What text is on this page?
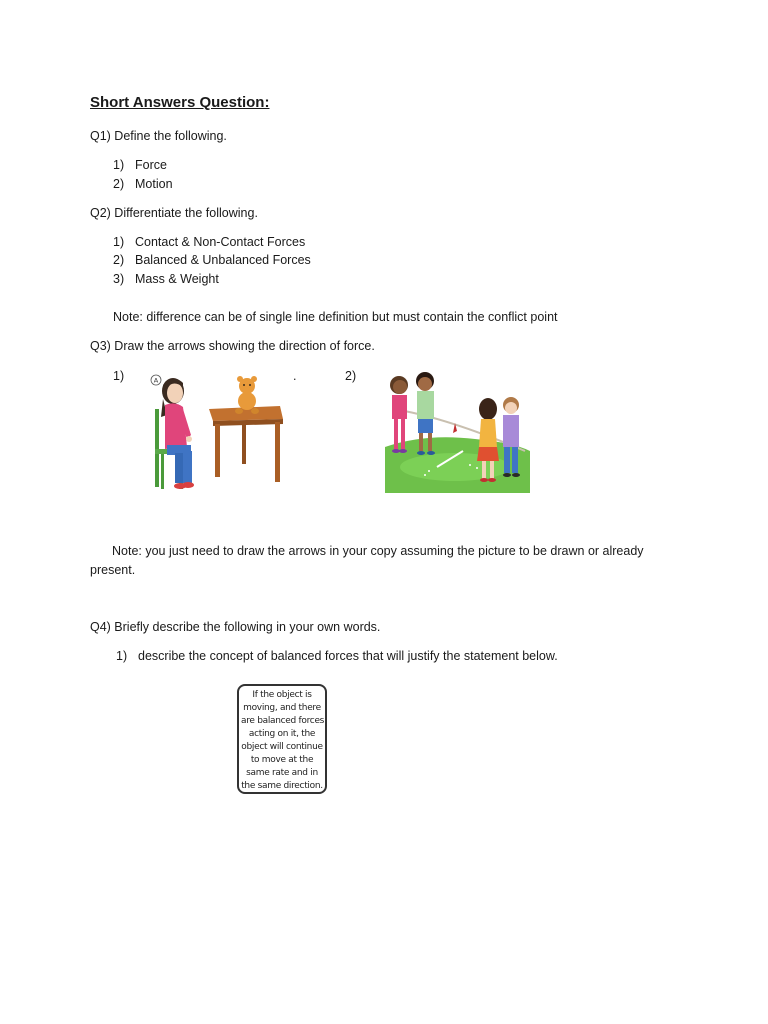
Short Answers Question:
Q1) Define the following.
1) Force
2) Motion
Q2) Differentiate the following.
1) Contact & Non-Contact Forces
2) Balanced & Unbalanced Forces
3) Mass & Weight
Note: difference can be of single line definition but must contain the conflict point
Q3) Draw the arrows showing the direction of force.
1)	.	2)
A
Note: you just need to draw the arrows in your copy assuming the picture to be drawn or already present.
Q4) Briefly describe the following in your own words.
1) describe the concept of balanced forces that will justify the statement below.
If the object is
moving, and there
are balanced forces
acting on it, the
object will continue
to move at the
same rate and in
the same direction.
